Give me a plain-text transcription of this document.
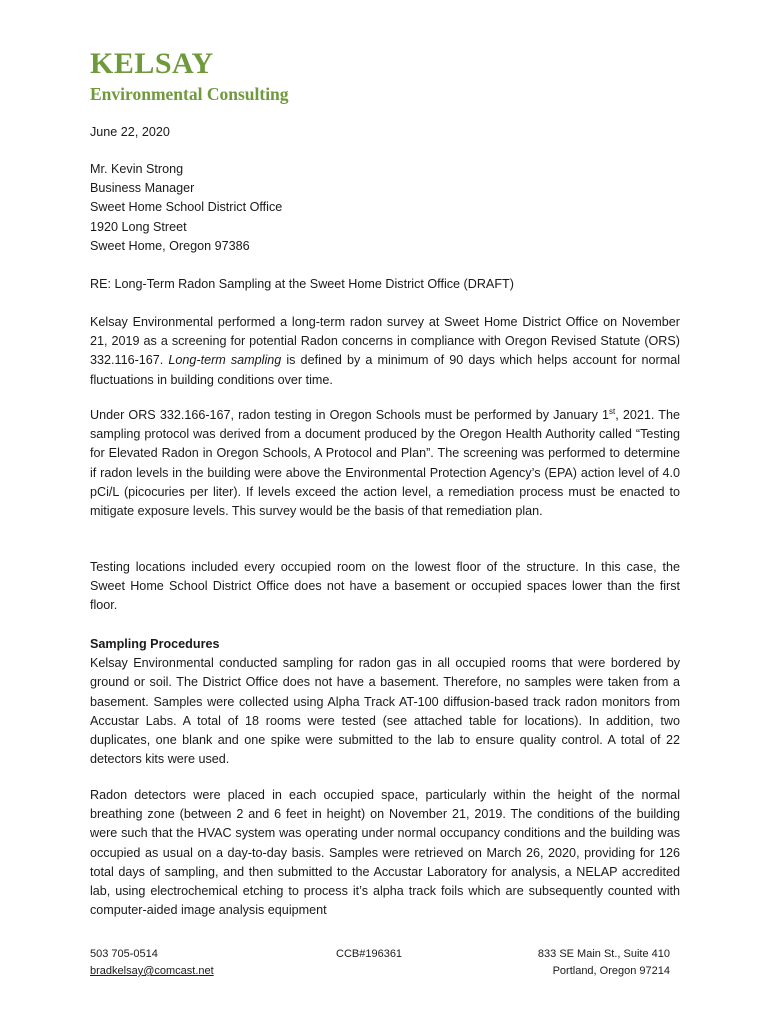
KELSAY
Environmental Consulting
June 22, 2020
Mr. Kevin Strong
Business Manager
Sweet Home School District Office
1920 Long Street
Sweet Home, Oregon 97386
RE: Long-Term Radon Sampling at the Sweet Home District Office (DRAFT)

Kelsay Environmental performed a long-term radon survey at Sweet Home District Office on November 21, 2019 as a screening for potential Radon concerns in compliance with Oregon Revised Statute (ORS) 332.116-167. Long-term sampling is defined by a minimum of 90 days which helps account for normal fluctuations in building conditions over time.

Under ORS 332.166-167, radon testing in Oregon Schools must be performed by January 1st, 2021. The sampling protocol was derived from a document produced by the Oregon Health Authority called “Testing for Elevated Radon in Oregon Schools, A Protocol and Plan”. The screening was performed to determine if radon levels in the building were above the Environmental Protection Agency’s (EPA) action level of 4.0 pCi/L (picocuries per liter). If levels exceed the action level, a remediation process must be enacted to mitigate exposure levels. This survey would be the basis of that remediation plan.

Testing locations included every occupied room on the lowest floor of the structure. In this case, the Sweet Home School District Office does not have a basement or occupied spaces lower than the first floor.

Sampling Procedures

Kelsay Environmental conducted sampling for radon gas in all occupied rooms that were bordered by ground or soil. The District Office does not have a basement. Therefore, no samples were taken from a basement. Samples were collected using Alpha Track AT-100 diffusion-based track radon monitors from Accustar Labs. A total of 18 rooms were tested (see attached table for locations). In addition, two duplicates, one blank and one spike were submitted to the lab to ensure quality control. A total of 22 detectors kits were used.

Radon detectors were placed in each occupied space, particularly within the height of the normal breathing zone (between 2 and 6 feet in height) on November 21, 2019. The conditions of the building were such that the HVAC system was operating under normal occupancy conditions and the building was occupied as usual on a day-to-day basis. Samples were retrieved on March 26, 2020, providing for 126 total days of sampling, and then submitted to the Accustar Laboratory for analysis, a NELAP accredited lab, using electrochemical etching to process it’s alpha track foils which are subsequently counted with computer-aided image analysis equipment

503 705-0514
bradkelsay@comcast.net
CCB#196361	833 SE Main St., Suite 410
Portland, Oregon 97214
